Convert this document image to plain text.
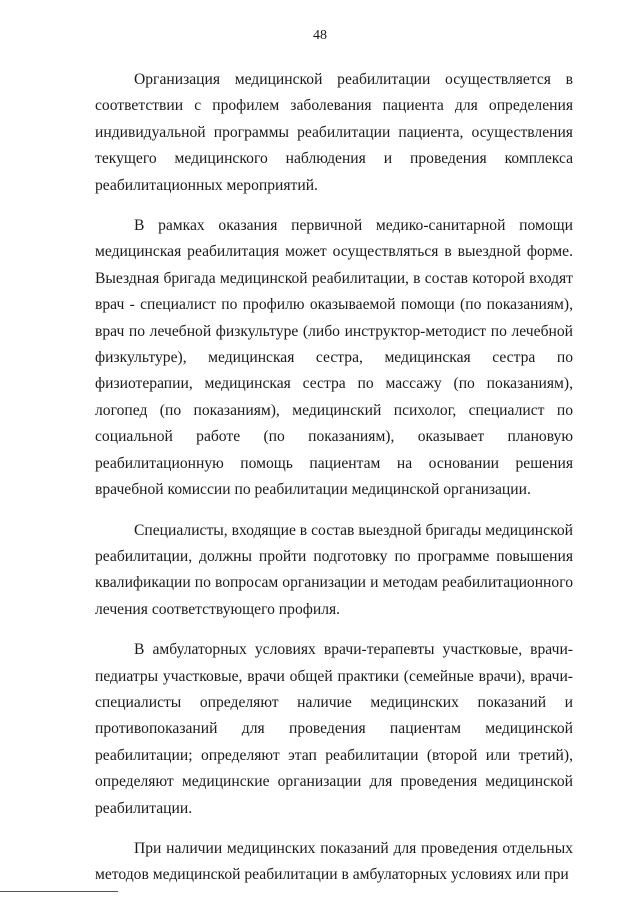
48

Организация медицинской реабилитации осуществляется в соответствии с профилем заболевания пациента для определения индивидуальной программы реабилитации пациента, осуществления текущего медицинского наблюдения и проведения комплекса реабилитационных мероприятий.

В рамках оказания первичной медико-санитарной помощи медицинская реабилитация может осуществляться в выездной форме. Выездная бригада медицинской реабилитации, в состав которой входят врач - специалист по профилю оказываемой помощи (по показаниям), врач по лечебной физкультуре (либо инструктор-методист по лечебной физкультуре), медицинская сестра, медицинская сестра по физиотерапии, медицинская сестра по массажу (по показаниям), логопед (по показаниям), медицинский психолог, специалист по социальной работе (по показаниям), оказывает плановую реабилитационную помощь пациентам на основании решения врачебной комиссии по реабилитации медицинской организации.

Специалисты, входящие в состав выездной бригады медицинской реабилитации, должны пройти подготовку по программе повышения квалификации по вопросам организации и методам реабилитационного лечения соответствующего профиля.

В амбулаторных условиях врачи-терапевты участковые, врачи-педиатры участковые, врачи общей практики (семейные врачи), врачи-специалисты определяют наличие медицинских показаний и противопоказаний для проведения пациентам медицинской реабилитации; определяют этап реабилитации (второй или третий), определяют медицинские организации для проведения медицинской реабилитации.

При наличии медицинских показаний для проведения отдельных методов медицинской реабилитации в амбулаторных условиях или при
